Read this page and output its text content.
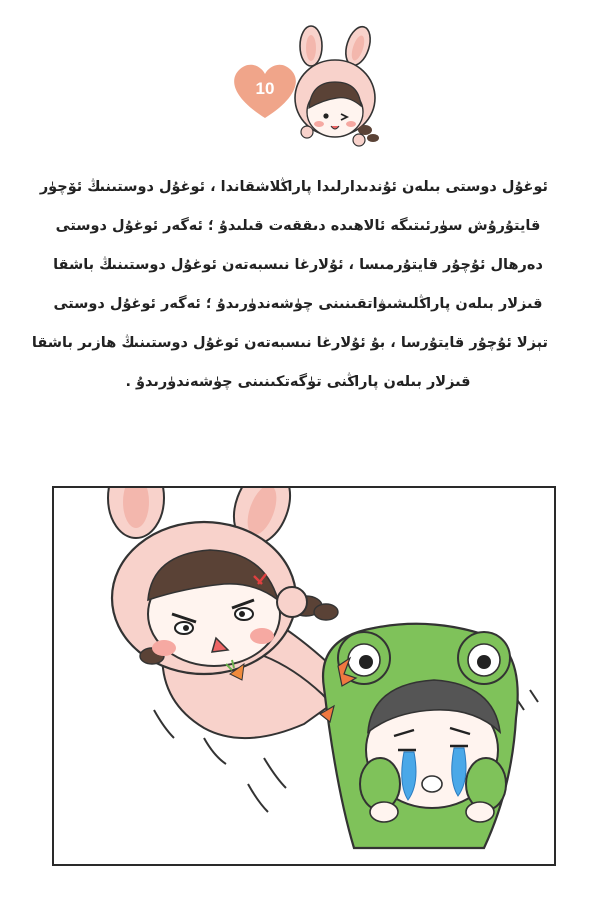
10
ئوغۇل دوستى بىلەن ئۇندىدارلىدا پاراڭلاشقاندا ، ئوغۇل دوستىنىڭ ئۆچۈر
قايتۇرۇش سۈرئىتىگە ئالاھىدە دىققەت قىلىدۇ ؛ ئەگەر ئوغۇل دوستى
دەرھال ئۇچۇر قايتۇرمىسا ، ئۇلارغا نىسبەتەن ئوغۇل دوستىنىڭ باشقا
قىزلار بىلەن پاراڭلىشىۋاتقىنىنى چۈشەندۈرىدۇ ؛ ئەگەر ئوغۇل دوستى
تېزلا ئۇچۇر قايتۇرسا ، بۇ ئۇلارغا نىسبەتەن ئوغۇل دوستىنىڭ ھازىر باشقا
قىزلار بىلەن پاراڭنى تۈگەتكىنىنى چۈشەندۈرىدۇ .
